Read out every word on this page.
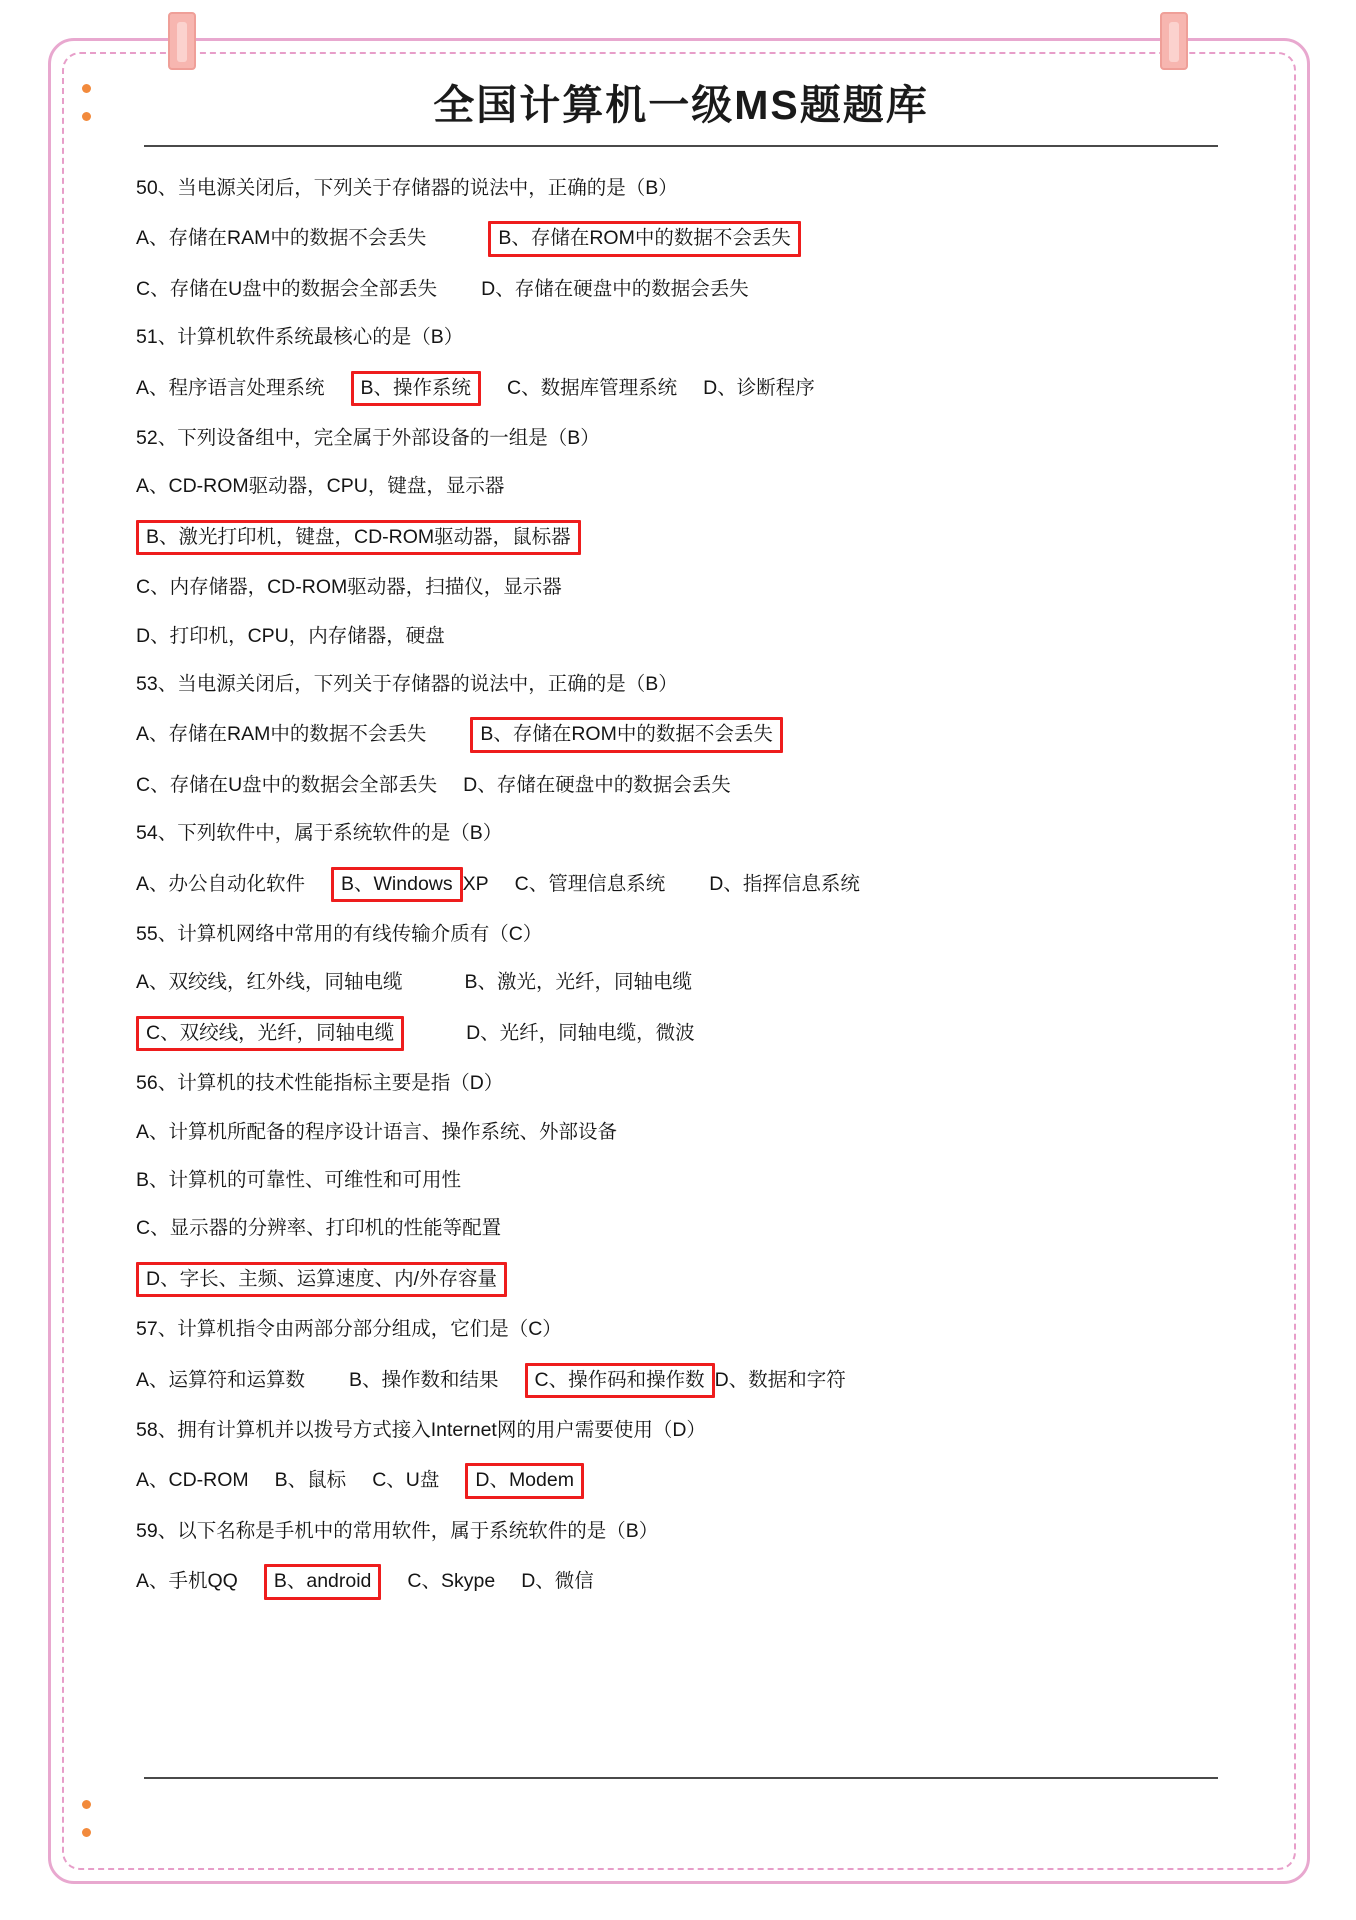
全国计算机一级MS题题库
50、当电源关闭后，下列关于存储器的说法中，正确的是（B）
A、存储在RAM中的数据不会丢失	B、存储在ROM中的数据不会丢失
C、存储在U盘中的数据会全部丢失 D、存储在硬盘中的数据会丢失
51、计算机软件系统最核心的是（B）
A、程序语言处理系统 B、操作系统 C、数据库管理系统 D、诊断程序
52、下列设备组中，完全属于外部设备的一组是（B）
A、CD-ROM驱动器，CPU，键盘，显示器
B、激光打印机，键盘，CD-ROM驱动器，鼠标器
C、内存储器，CD-ROM驱动器，扫描仪，显示器
D、打印机，CPU，内存储器，硬盘
53、当电源关闭后，下列关于存储器的说法中，正确的是（B）
A、存储在RAM中的数据不会丢失	B、存储在ROM中的数据不会丢失
C、存储在U盘中的数据会全部丢失 D、存储在硬盘中的数据会丢失
54、下列软件中，属于系统软件的是（B）
A、办公自动化软件 B、Windows XP C、管理信息系统 D、指挥信息系统
55、计算机网络中常用的有线传输介质有（C）
A、双绞线，红外线，同轴电缆	B、激光，光纤，同轴电缆
C、双绞线，光纤，同轴电缆	D、光纤，同轴电缆，微波
56、计算机的技术性能指标主要是指（D）
A、计算机所配备的程序设计语言、操作系统、外部设备
B、计算机的可靠性、可维性和可用性
C、显示器的分辨率、打印机的性能等配置
D、字长、主频、运算速度、内/外存容量
57、计算机指令由两部分部分组成，它们是（C）
A、运算符和运算数 B、操作数和结果 C、操作码和操作数 D、数据和字符
58、拥有计算机并以拨号方式接入Internet网的用户需要使用（D）
A、CD-ROM B、鼠标 C、U盘 D、Modem
59、以下名称是手机中的常用软件，属于系统软件的是（B）
A、手机QQ B、android C、Skype D、微信
